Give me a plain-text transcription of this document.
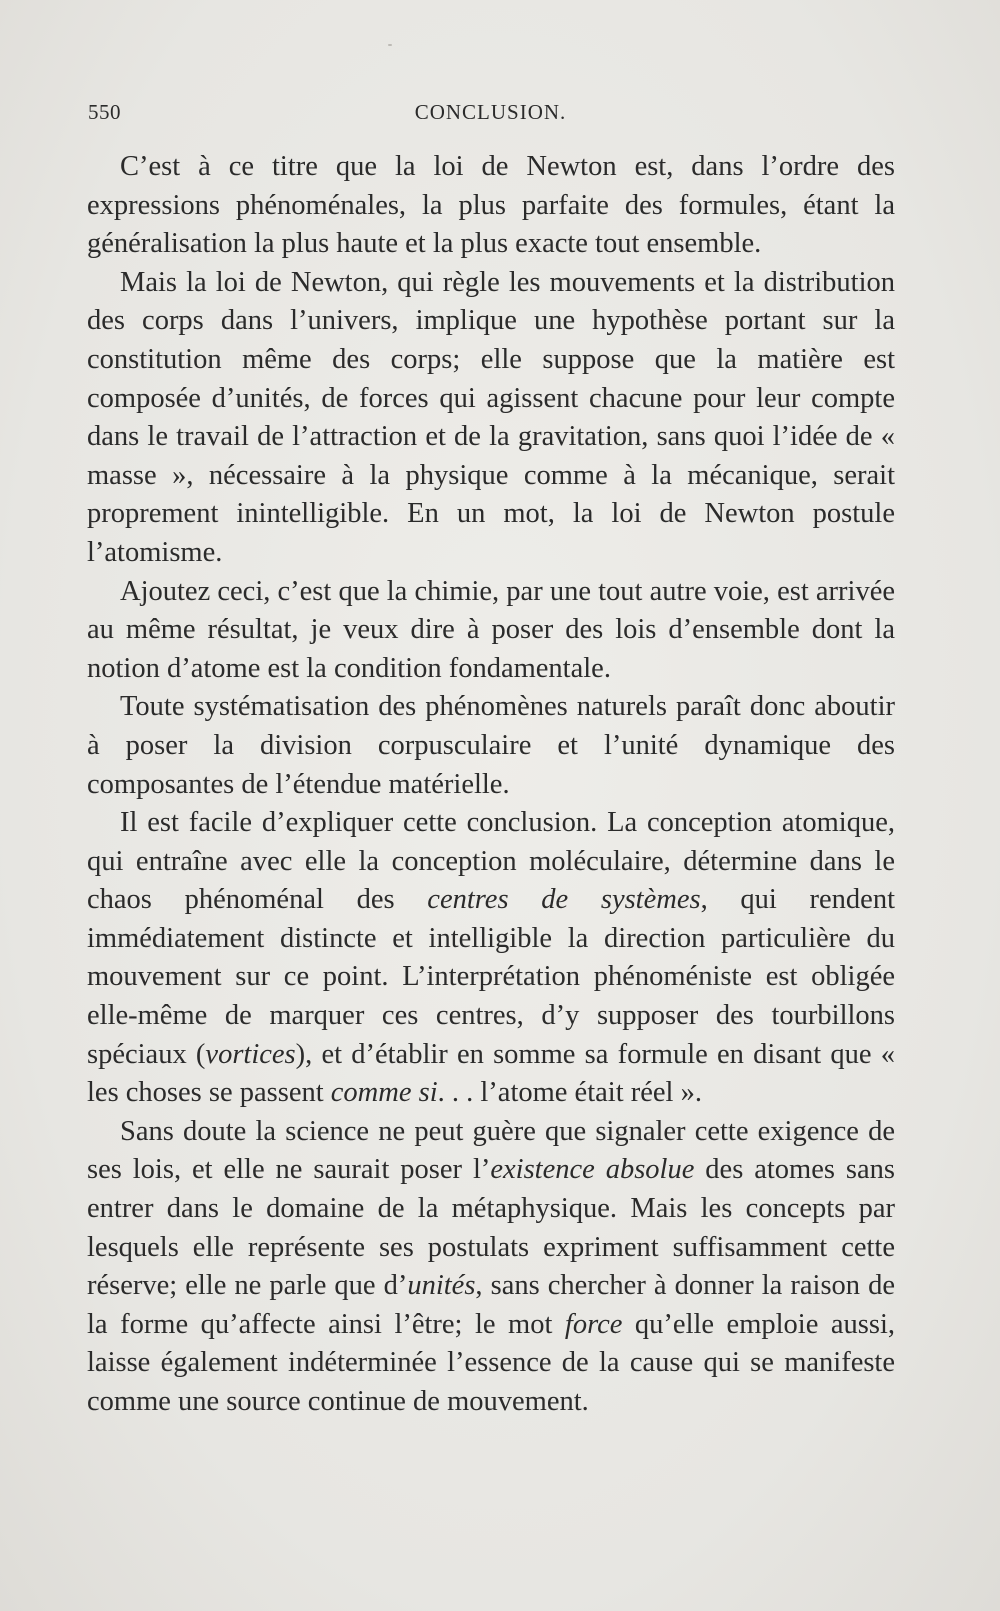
550	CONCLUSION.

C’est à ce titre que la loi de Newton est, dans l’ordre des expressions phénoménales, la plus parfaite des formules, étant la généralisation la plus haute et la plus exacte tout ensemble.

Mais la loi de Newton, qui règle les mouvements et la distribution des corps dans l’univers, implique une hypothèse portant sur la constitution même des corps; elle suppose que la matière est composée d’unités, de forces qui agissent chacune pour leur compte dans le travail de l’attraction et de la gravitation, sans quoi l’idée de « masse », nécessaire à la physique comme à la mécanique, serait proprement inintelligible. En un mot, la loi de Newton postule l’atomisme.

Ajoutez ceci, c’est que la chimie, par une tout autre voie, est arrivée au même résultat, je veux dire à poser des lois d’ensemble dont la notion d’atome est la condition fondamentale.

Toute systématisation des phénomènes naturels paraît donc aboutir à poser la division corpusculaire et l’unité dynamique des composantes de l’étendue matérielle.

Il est facile d’expliquer cette conclusion. La conception atomique, qui entraîne avec elle la conception moléculaire, détermine dans le chaos phénoménal des centres de systèmes, qui rendent immédiatement distincte et intelligible la direction particulière du mouvement sur ce point. L’interprétation phénoméniste est obligée elle-même de marquer ces centres, d’y supposer des tourbillons spéciaux (vortices), et d’établir en somme sa formule en disant que « les choses se passent comme si. . . l’atome était réel ».

Sans doute la science ne peut guère que signaler cette exigence de ses lois, et elle ne saurait poser l’existence absolue des atomes sans entrer dans le domaine de la métaphysique. Mais les concepts par lesquels elle représente ses postulats expriment suffisamment cette réserve; elle ne parle que d’unités, sans chercher à donner la raison de la forme qu’affecte ainsi l’être; le mot force qu’elle emploie aussi, laisse également indéterminée l’essence de la cause qui se manifeste comme une source continue de mouvement.
